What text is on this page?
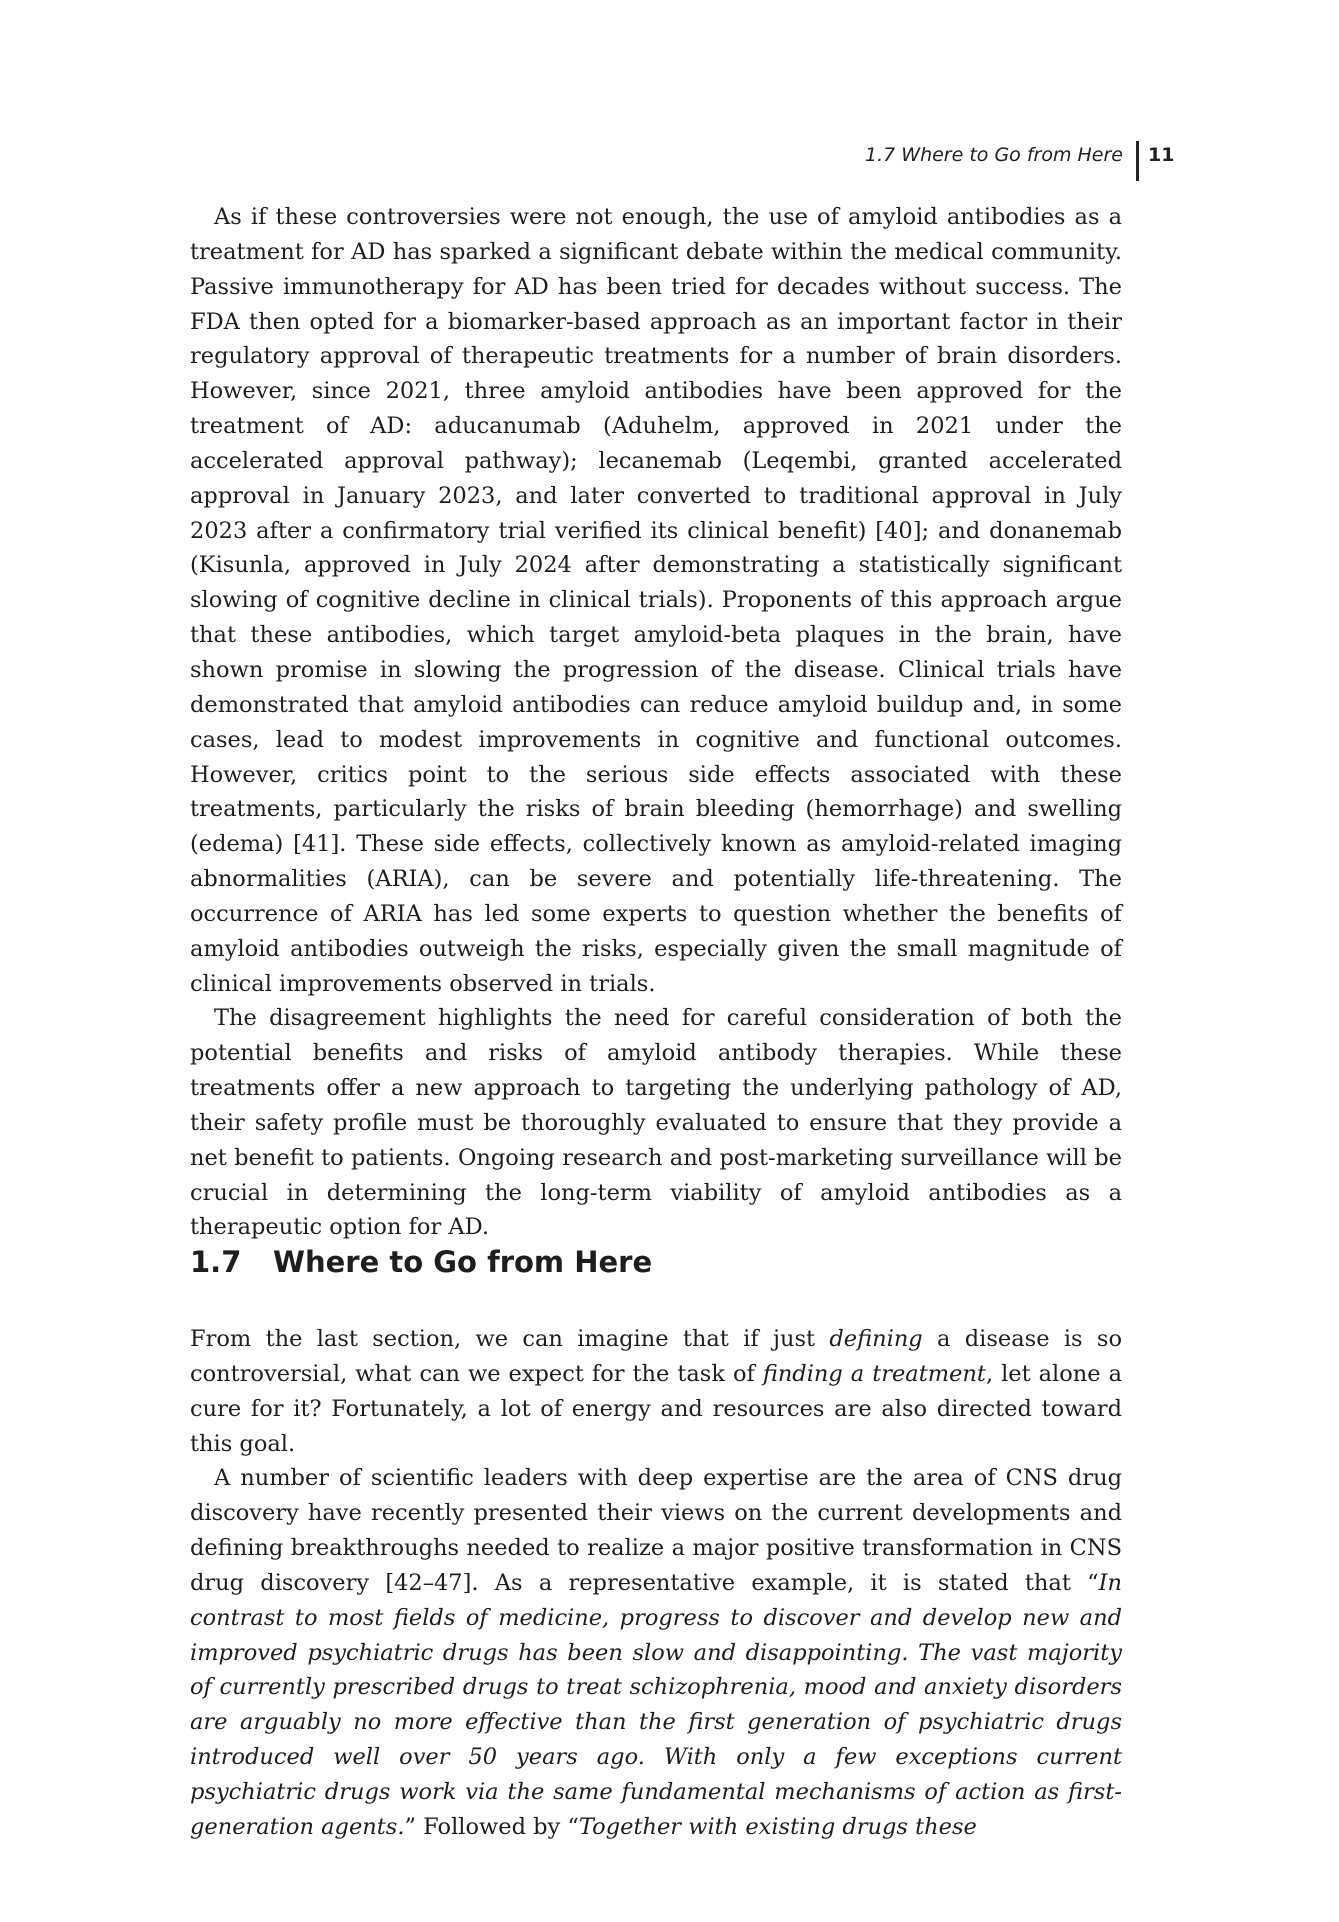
1.7 Where to Go from Here 11

As if these controversies were not enough, the use of amyloid antibodies as a treatment for AD has sparked a significant debate within the medical community. Passive immunotherapy for AD has been tried for decades without success. The FDA then opted for a biomarker-based approach as an important factor in their regulatory approval of therapeutic treatments for a number of brain disorders. However, since 2021, three amyloid antibodies have been approved for the treatment of AD: aducanumab (Aduhelm, approved in 2021 under the accelerated approval pathway); lecanemab (Leqembi, granted accelerated approval in January 2023, and later converted to traditional approval in July 2023 after a confirmatory trial verified its clinical benefit) [40]; and donanemab (Kisunla, approved in July 2024 after demonstrating a statistically significant slowing of cognitive decline in clinical trials). Proponents of this approach argue that these antibodies, which target amyloid-beta plaques in the brain, have shown promise in slowing the progression of the disease. Clinical trials have demonstrated that amyloid antibodies can reduce amyloid buildup and, in some cases, lead to modest improvements in cognitive and functional outcomes. However, critics point to the serious side effects associated with these treatments, particularly the risks of brain bleeding (hemorrhage) and swelling (edema) [41]. These side effects, collectively known as amyloid-related imaging abnormalities (ARIA), can be severe and potentially life-threatening. The occurrence of ARIA has led some experts to question whether the benefits of amyloid antibodies outweigh the risks, especially given the small magnitude of clinical improvements observed in trials.

The disagreement highlights the need for careful consideration of both the potential benefits and risks of amyloid antibody therapies. While these treatments offer a new approach to targeting the underlying pathology of AD, their safety profile must be thoroughly evaluated to ensure that they provide a net benefit to patients. Ongoing research and post-marketing surveillance will be crucial in determining the long-term viability of amyloid antibodies as a therapeutic option for AD.

1.7 Where to Go from Here

From the last section, we can imagine that if just defining a disease is so controversial, what can we expect for the task of finding a treatment, let alone a cure for it? Fortunately, a lot of energy and resources are also directed toward this goal.

A number of scientific leaders with deep expertise are the area of CNS drug discovery have recently presented their views on the current developments and defining breakthroughs needed to realize a major positive transformation in CNS drug discovery [42–47]. As a representative example, it is stated that “In contrast to most fields of medicine, progress to discover and develop new and improved psychiatric drugs has been slow and disappointing. The vast majority of currently prescribed drugs to treat schizophrenia, mood and anxiety disorders are arguably no more effective than the first generation of psychiatric drugs introduced well over 50 years ago. With only a few exceptions current psychiatric drugs work via the same fundamental mechanisms of action as first-generation agents.” Followed by “Together with existing drugs these
